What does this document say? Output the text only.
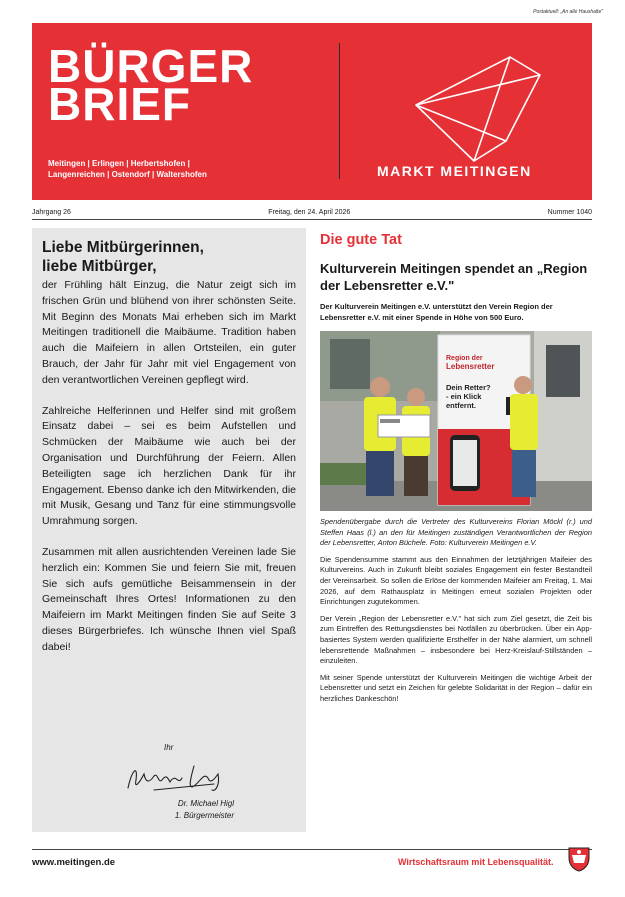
Postaktuell: „An alle Haushalte"
BÜRGER
BRIEF
Meitingen | Erlingen | Herbertshofen |
Langenreichen | Ostendorf | Waltershofen	MARKT MEITINGEN
Jahrgang 26	Freitag, den 24. April 2026	Nummer 1040
Liebe Mitbürgerinnen,
liebe Mitbürger,

der Frühling hält Einzug, die Natur zeigt sich im frischen Grün und blühend von ihrer schönsten Seite. Mit Beginn des Monats Mai erheben sich im Markt Meitingen traditionell die Maibäume. Tradition haben auch die Maifeiern in allen Ortsteilen, ein guter Brauch, der Jahr für Jahr mit viel Engagement von den verantwortlichen Vereinen gepflegt wird.

Zahlreiche Helferinnen und Helfer sind mit großem Einsatz dabei – sei es beim Aufstellen und Schmücken der Maibäume wie auch bei der Organisation und Durchführung der Feiern. Allen Beteiligten sage ich herzlichen Dank für ihr Engagement. Ebenso danke ich den Mitwirkenden, die mit Musik, Gesang und Tanz für eine stimmungsvolle Umrahmung sorgen.

Zusammen mit allen ausrichtenden Vereinen lade Sie herzlich ein: Kommen Sie und feiern Sie mit, freuen Sie sich aufs gemütliche Beisammensein in der Gemeinschaft Ihres Ortes! Informationen zu den Maifeiern im Markt Meitingen finden Sie auf Seite 3 dieses Bürgerbriefes. Ich wünsche Ihnen viel Spaß dabei!

Ihr
Dr. Michael Higl
1. Bürgermeister
Die gute Tat
Kulturverein Meitingen spendet an „Region der Lebensretter e.V."
Der Kulturverein Meitingen e.V. unterstützt den Verein Region der Lebensretter e.V. mit einer Spende in Höhe von 500 Euro.
Region der
Lebensretter
Dein Retter?
- ein Klick
entfernt.
Spendenübergabe durch die Vertreter des Kulturvereins Florian Möckl (r.) und Steffen Haas (l.) an den für Meitingen zuständigen Verantwortlichen der Region der Lebensretter, Anton Büchele. Foto: Kulturverein Meitingen e.V.

Die Spendensumme stammt aus den Einnahmen der letztjährigen Maifeier des Kulturvereins. Auch in Zukunft bleibt soziales Engagement ein fester Bestandteil der Vereinsarbeit. So sollen die Erlöse der kommenden Maifeier am Freitag, 1. Mai 2026, auf dem Rathausplatz in Meitingen erneut sozialen Projekten oder Einrichtungen zugutekommen.

Der Verein „Region der Lebensretter e.V." hat sich zum Ziel gesetzt, die Zeit bis zum Eintreffen des Rettungsdienstes bei Notfällen zu überbrücken. Über ein App-basiertes System werden qualifizierte Ersthelfer in der Nähe alarmiert, um schnell lebensrettende Maßnahmen – insbesondere bei Herz-Kreislauf-Stillständen – einzuleiten.

Mit seiner Spende unterstützt der Kulturverein Meitingen die wichtige Arbeit der Lebensretter und setzt ein Zeichen für gelebte Solidarität in der Region – dafür ein herzliches Dankeschön!

www.meitingen.de	Wirtschaftsraum mit Lebensqualität.
